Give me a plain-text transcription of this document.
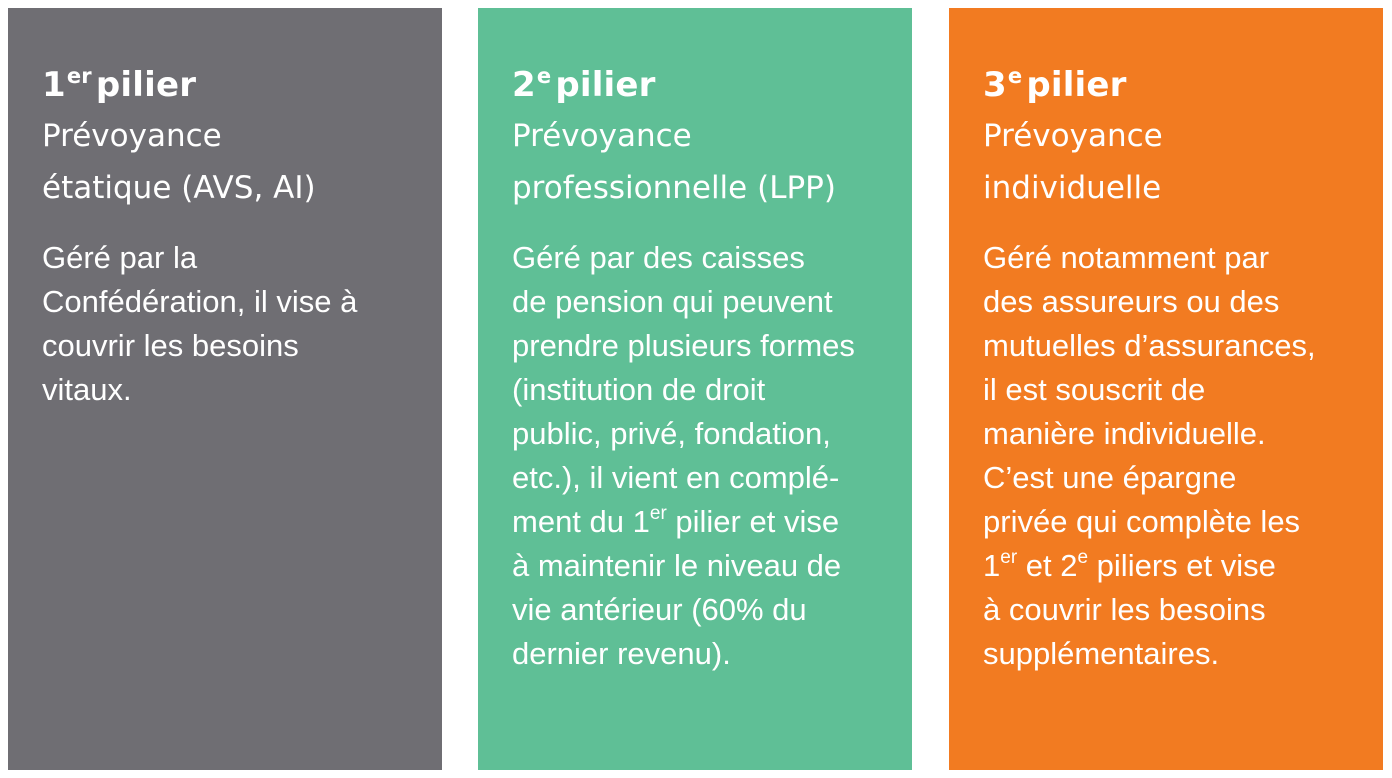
1er pilier
Prévoyance
étatique (AVS, AI)
Géré par la
Confédération, il vise à
couvrir les besoins
vitaux.
2e pilier
Prévoyance
professionnelle (LPP)
Géré par des caisses
de pension qui peuvent
prendre plusieurs formes
(institution de droit
public, privé, fondation,
etc.), il vient en complé-
ment du 1er pilier et vise
à maintenir le niveau de
vie antérieur (60% du
dernier revenu).
3e pilier
Prévoyance
individuelle
Géré notamment par
des assureurs ou des
mutuelles d’assurances,
il est souscrit de
manière individuelle.
C’est une épargne
privée qui complète les
1er et 2e piliers et vise
à couvrir les besoins
supplémentaires.
